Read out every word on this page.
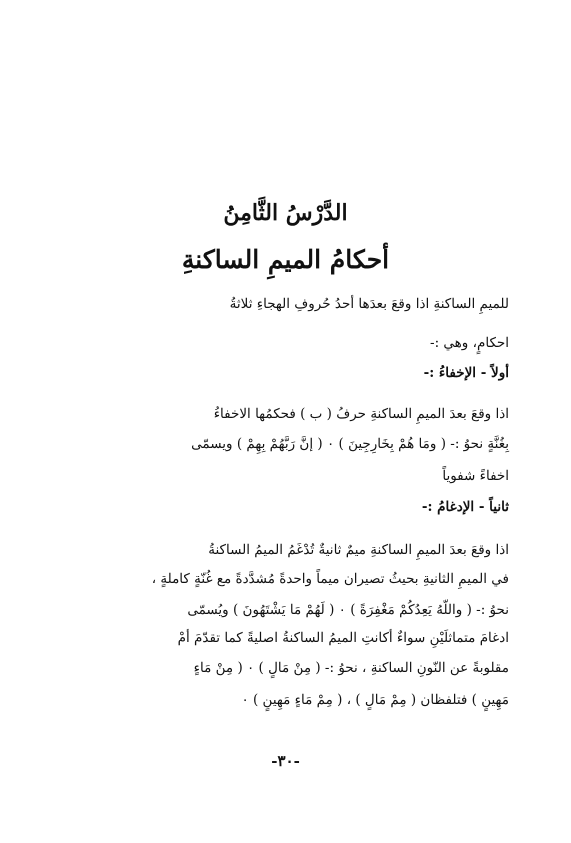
الدَّرْسُ الثَّامِنُ
أحكامُ الميمِ الساكنةِ
للميمِ الساكنةِ اذا وقعَ بعدَها أحدُ حُروفِ الهجاءِ ثلاثةُ
احكامٍ، وهي :-
أولاً - الإخفاءُ :-
اذا وقعَ بعدَ الميمِ الساكنةِ حرفُ ( ب ) فحكمُها الاخفاءُ
بِغُنَّةٍ نحوُ :- ( ومَا هُمْ بِخَارِجِينَ ) ٠ ( إنَّ رَبَّهُمْ بِهِمْ ) ويسمّى
اخفاءً شفوياً
ثانياً - الإدغامُ :-
اذا وقعَ بعدَ الميمِ الساكنةِ ميمٌ ثانيةٌ تُدْغَمُ الميمُ الساكنةُ
في الميمِ الثانيةِ بحيثُ تصيران ميماً واحدةً مُشدَّدةً مع غُنّةٍ كاملةٍ ،
نحوُ :- ( واللّهُ يَعِدُكُمْ مَغْفِرَةً ) ٠ ( لَهُمْ مَا يَشْتَهُونَ ) ويُسمّى
ادغامَ متماثلَيْنِ سواءٌ أكانتِ الميمُ الساكنةُ اصليةً كما تقدّمَ أمْ
مقلوبةً عن النّونِ الساكنةِ ، نحوُ :- ( مِنْ مَالٍ ) ٠ ( مِنْ مَاءٍ
مَهِينٍ ) فتلفظان ( مِمْ مَالٍ ) ، ( مِمْ مَاءٍ مَهِينٍ ) ٠
-٣٠-
